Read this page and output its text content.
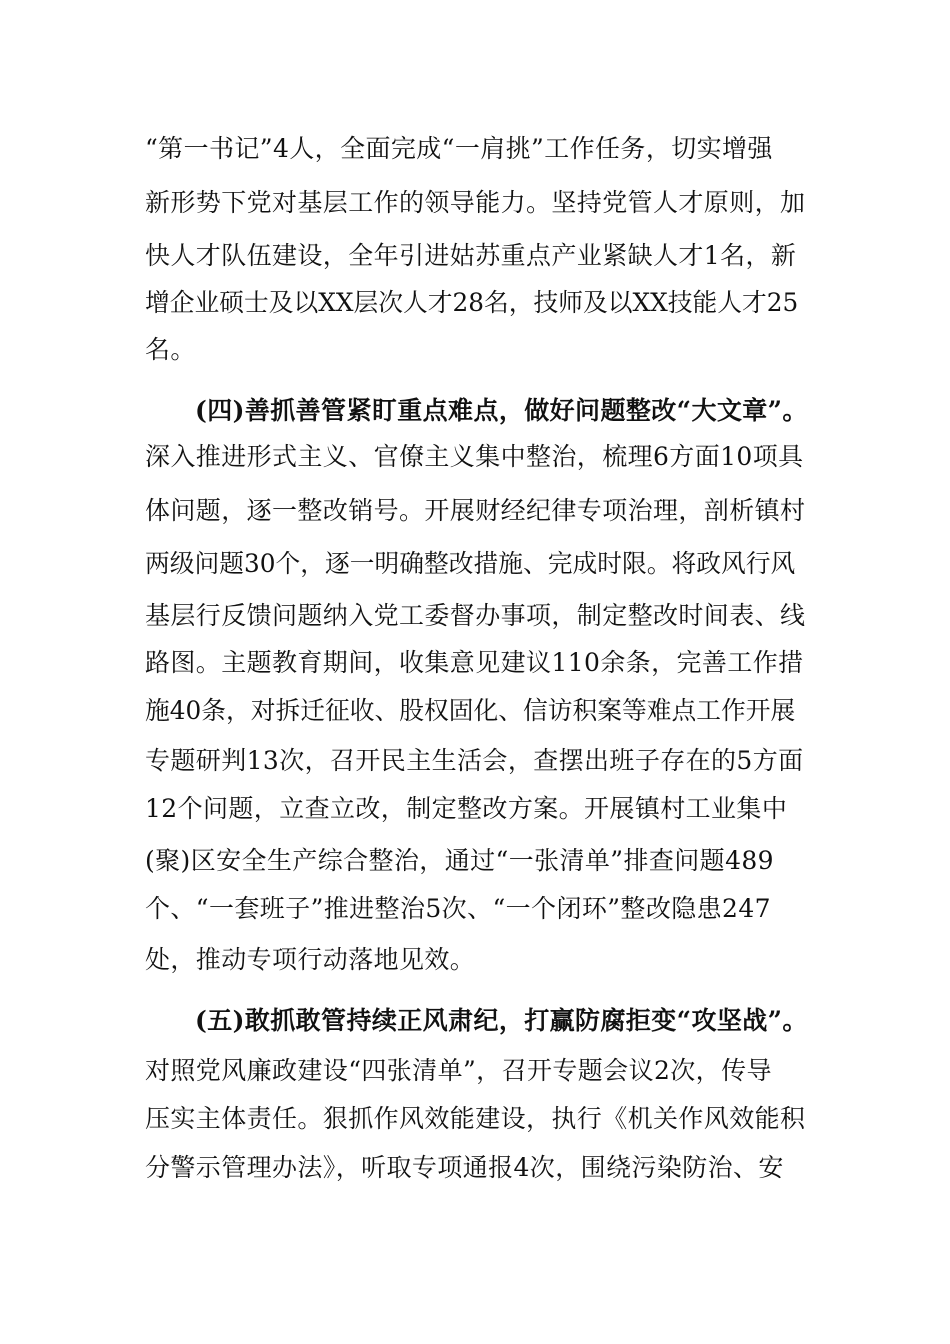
“第一书记”4人，全面完成“一肩挑”工作任务，切实增强
新形势下党对基层工作的领导能力。坚持党管人才原则，加
快人才队伍建设，全年引进姑苏重点产业紧缺人才1名，新
增企业硕士及以XX层次人才28名，技师及以XX技能人才25
名。
(四)善抓善管紧盯重点难点，做好问题整改“大文章”。
深入推进形式主义、官僚主义集中整治，梳理6方面10项具
体问题，逐一整改销号。开展财经纪律专项治理，剖析镇村
两级问题30个，逐一明确整改措施、完成时限。将政风行风
基层行反馈问题纳入党工委督办事项，制定整改时间表、线
路图。主题教育期间，收集意见建议110余条，完善工作措
施40条，对拆迁征收、股权固化、信访积案等难点工作开展
专题研判13次，召开民主生活会，查摆出班子存在的5方面
12个问题，立查立改，制定整改方案。开展镇村工业集中
(聚)区安全生产综合整治，通过“一张清单”排查问题489
个、“一套班子”推进整治5次、“一个闭环”整改隐患247
处，推动专项行动落地见效。
(五)敢抓敢管持续正风肃纪，打赢防腐拒变“攻坚战”。
对照党风廉政建设“四张清单”，召开专题会议2次，传导
压实主体责任。狠抓作风效能建设，执行《机关作风效能积
分警示管理办法》，听取专项通报4次，围绕污染防治、安
